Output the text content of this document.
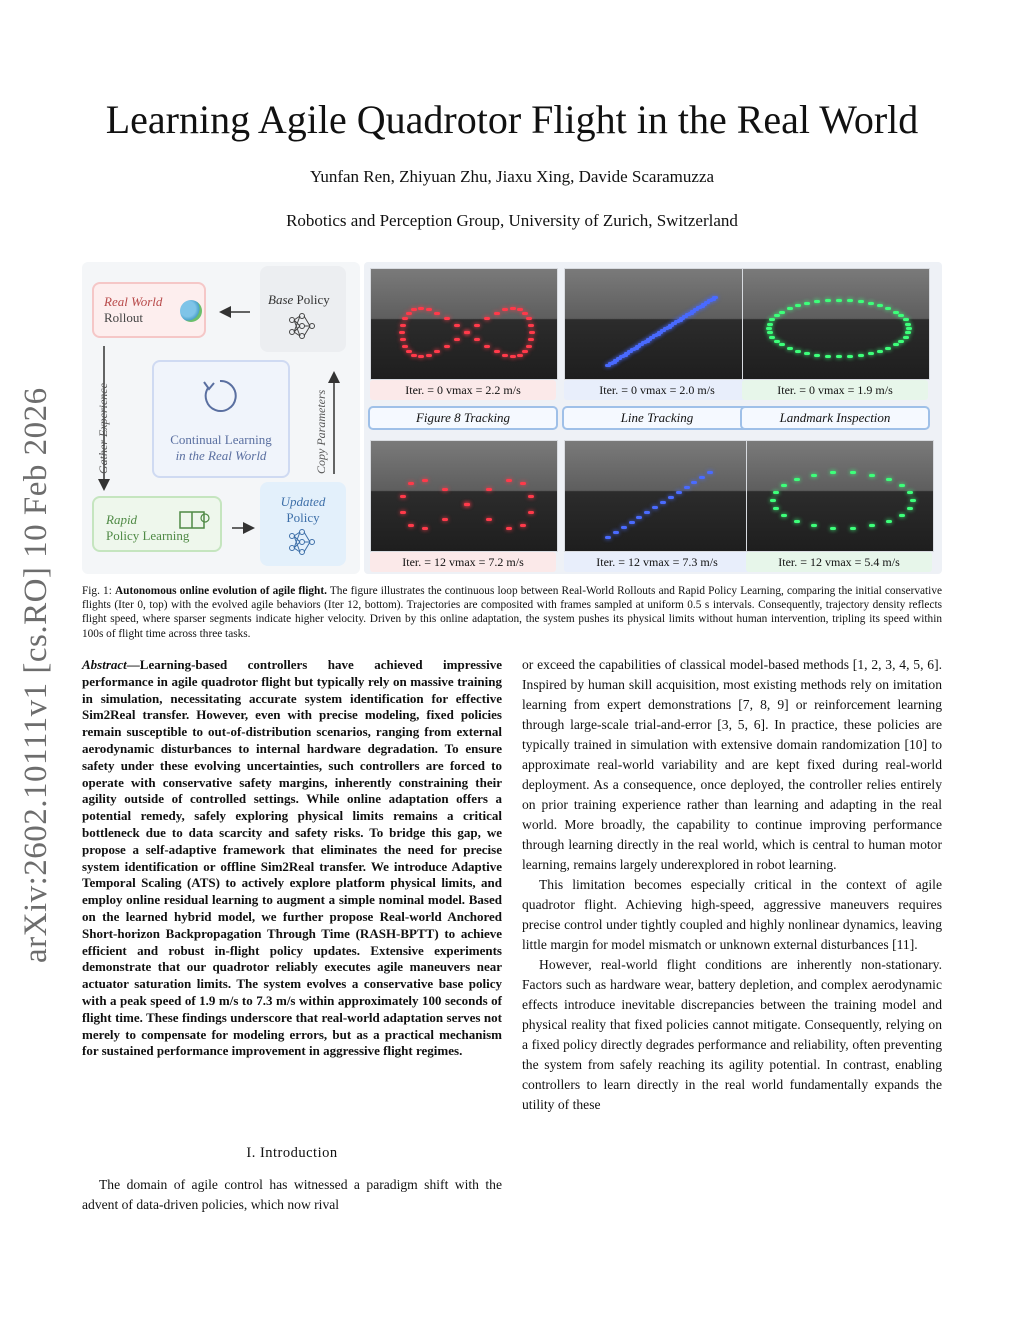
arXiv:2602.10111v1 [cs.RO] 10 Feb 2026
Learning Agile Quadrotor Flight in the Real World
Yunfan Ren, Zhiyuan Zhu, Jiaxu Xing, Davide Scaramuzza
Robotics and Perception Group, University of Zurich, Switzerland
Real World
Rollout
Base Policy
Continual Learning
in the Real World
Gather Experience	Copy Parameters
Rapid
Policy Learning
Updated
Policy
Iter. = 0 vmax = 2.2 m/s	Iter. = 0 vmax = 2.0 m/s	Iter. = 0 vmax = 1.9 m/s
Figure 8 Tracking	Line Tracking	Landmark Inspection
Iter. = 12 vmax = 7.2 m/s	Iter. = 12 vmax = 7.3 m/s	Iter. = 12 vmax = 5.4 m/s
Fig. 1: Autonomous online evolution of agile flight. The figure illustrates the continuous loop between Real-World Rollouts and Rapid Policy Learning, comparing the initial conservative flights (Iter 0, top) with the evolved agile behaviors (Iter 12, bottom). Trajectories are composited with frames sampled at uniform 0.5 s intervals. Consequently, trajectory density reflects flight speed, where sparser segments indicate higher velocity. Driven by this online adaptation, the system pushes its physical limits without human intervention, tripling its speed within 100s of flight time across three tasks.
Abstract—Learning-based controllers have achieved impressive performance in agile quadrotor flight but typically rely on massive training in simulation, necessitating accurate system identification for effective Sim2Real transfer. However, even with precise modeling, fixed policies remain susceptible to out-of-distribution scenarios, ranging from external aerodynamic disturbances to internal hardware degradation. To ensure safety under these evolving uncertainties, such controllers are forced to operate with conservative safety margins, inherently constraining their agility outside of controlled settings. While online adaptation offers a potential remedy, safely exploring physical limits remains a critical bottleneck due to data scarcity and safety risks. To bridge this gap, we propose a self-adaptive framework that eliminates the need for precise system identification or offline Sim2Real transfer. We introduce Adaptive Temporal Scaling (ATS) to actively explore platform physical limits, and employ online residual learning to augment a simple nominal model. Based on the learned hybrid model, we further propose Real-world Anchored Short-horizon Backpropagation Through Time (RASH-BPTT) to achieve efficient and robust in-flight policy updates. Extensive experiments demonstrate that our quadrotor reliably executes agile maneuvers near actuator saturation limits. The system evolves a conservative base policy with a peak speed of 1.9 m/s to 7.3 m/s within approximately 100 seconds of flight time. These findings underscore that real-world adaptation serves not merely to compensate for modeling errors, but as a practical mechanism for sustained performance improvement in aggressive flight regimes.
I. Introduction

The domain of agile control has witnessed a paradigm shift with the advent of data-driven policies, which now rival

or exceed the capabilities of classical model-based methods [1, 2, 3, 4, 5, 6]. Inspired by human skill acquisition, most existing methods rely on imitation learning from expert demonstrations [7, 8, 9] or reinforcement learning through large-scale trial-and-error [3, 5, 6]. In practice, these policies are typically trained in simulation with extensive domain randomization [10] to approximate real-world variability and are kept fixed during real-world deployment. As a consequence, once deployed, the controller relies entirely on prior training experience rather than learning and adapting in the real world. More broadly, the capability to continue improving performance through learning directly in the real world, which is central to human motor learning, remains largely underexplored in robot learning.

This limitation becomes especially critical in the context of agile quadrotor flight. Achieving high-speed, aggressive maneuvers requires precise control under tightly coupled and highly nonlinear dynamics, leaving little margin for model mismatch or unknown external disturbances [11].

However, real-world flight conditions are inherently non-stationary. Factors such as hardware wear, battery depletion, and complex aerodynamic effects introduce inevitable discrepancies between the training model and physical reality that fixed policies cannot mitigate. Consequently, relying on a fixed policy directly degrades performance and reliability, often preventing the system from safely reaching its agility potential. In contrast, enabling controllers to learn directly in the real world fundamentally expands the utility of these
